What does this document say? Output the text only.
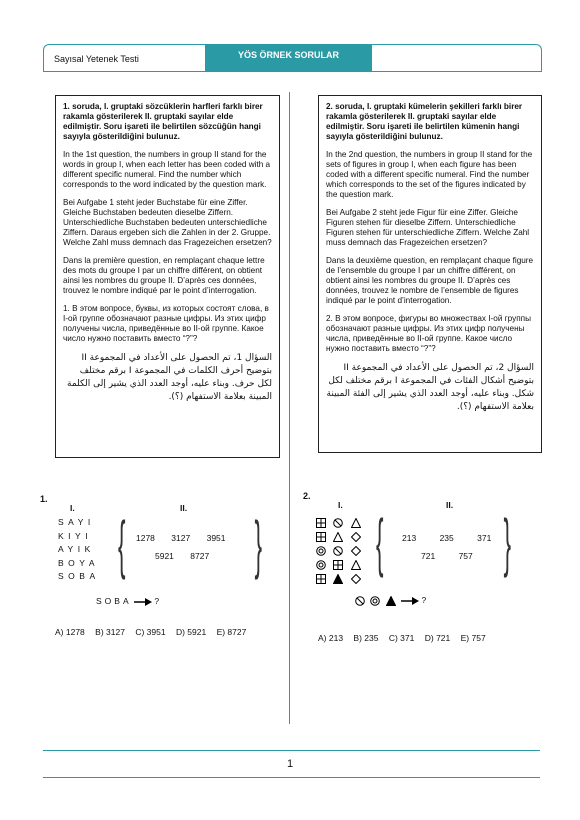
Sayısal Yetenek Testi	YÖS ÖRNEK SORULAR

1. soruda, I. gruptaki sözcüklerin harfleri farklı birer rakamla gösterilerek II. gruptaki sayılar elde edilmiştir. Soru işareti ile belirtilen sözcüğün hangi sayıyla gösterildiğini bulunuz.

In the 1st question, the numbers in group II stand for the words in group I, when each letter has been coded with a different specific numeral. Find the number which corresponds to the word indicated by the question mark.

Bei Aufgabe 1 steht jeder Buchstabe für eine Ziffer. Gleiche Buchstaben bedeuten dieselbe Ziffern. Unterschiedliche Buchstaben bedeuten unterschiedliche Ziffern. Daraus ergeben sich die Zahlen in der 2. Gruppe. Welche Zahl muss demnach das Fragezeichen ersetzen?

Dans la première question, en remplaçant chaque lettre des mots du groupe I par un chiffre différent, on obtient ainsi les nombres du groupe II. D’après ces données, trouvez le nombre indiqué par le point d’interrogation.

1. В этом вопросе, буквы, из которых состоят слова, в I-ой группе обозначают разные цифры. Из этих цифр получены числа, приведённые во II-ой группе. Какое число нужно поставить вместо “?”?

السؤال 1، تم الحصول على الأعداد في المجموعة II بتوضيح أحرف الكلمات في المجموعة I برقم مختلف لكل حرف. وبناء عليه، أوجد العدد الذي يشير إلى الكلمة المبينة بعلامة الاستفهام (؟).

2. soruda, I. gruptaki kümelerin şekilleri farklı birer rakamla gösterilerek II. gruptaki sayılar elde edilmiştir. Soru işareti ile belirtilen kümenin hangi sayıyla gösterildiğini bulunuz.

In the 2nd question, the numbers in group II stand for the sets of figures in group I, when each figure has been coded with a different specific numeral. Find the number which corresponds to the set of the figures indicated by the question mark.

Bei Aufgabe 2 steht jede Figur für eine Ziffer. Gleiche Figuren stehen für dieselbe Ziffern. Unterschiedliche Figuren stehen für unterschiedliche Ziffern. Welche Zahl muss demnach das Fragezeichen ersetzen?

Dans la deuxième question, en remplaçant chaque figure de l’ensemble du groupe I par un chiffre différent, on obtient ainsi les nombres du groupe II. D’après ces données, trouvez le nombre de l’ensemble de figures indiqué par le point d’interrogation.

2. В этом вопросе, фигуры во множествах I-ой группы обозначают разные цифры. Из этих цифр получены числа, приведённые во II-ой группе. Какое число нужно поставить вместо “?”?

السؤال 2، تم الحصول على الأعداد في المجموعة II بتوضيح أشكال الفئات في المجموعة I برقم مختلف لكل شكل. وبناء عليه، أوجد العدد الذي يشير إلى الفئة المبينة بعلامة الاستفهام (؟).

1.
I.	II.
SAYI
KIYI
AYIK
BOYA
SOBA { 1278 3127 3951
5921 8727 {
SOBA	?
A) 1278 B) 3127 C) 3951 D) 5921 E) 8727
2.
I.	II.

{ 213	235	371
721	757 {
?
A) 213 B) 235 C) 371 D) 721 E) 757
1
